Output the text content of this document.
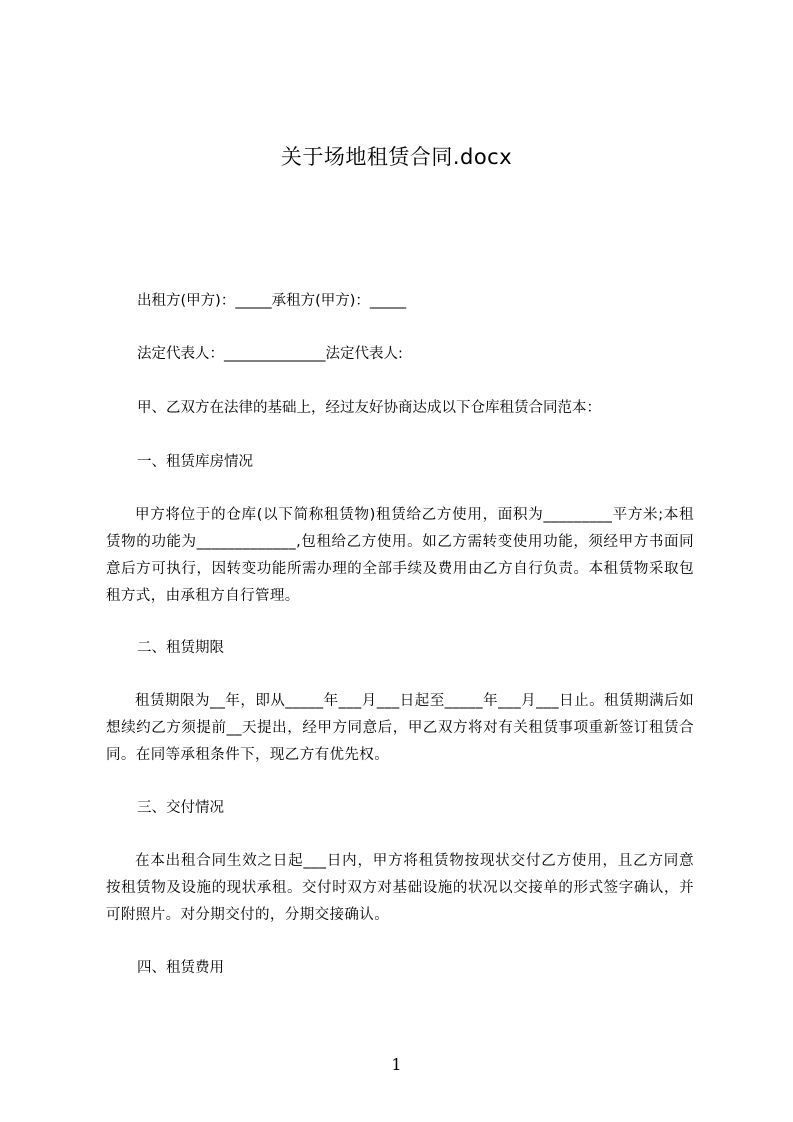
关于场地租赁合同.docx
出租方(甲方)：_____承租方(甲方)：_____
法定代表人：______________法定代表人:
甲、乙双方在法律的基础上，经过友好协商达成以下仓库租赁合同范本：
一、租赁库房情况
甲方将位于的仓库(以下简称租赁物)租赁给乙方使用，面积为_________平方米;本租赁物的功能为_____________,包租给乙方使用。如乙方需转变使用功能，须经甲方书面同意后方可执行，因转变功能所需办理的全部手续及费用由乙方自行负责。本租赁物采取包租方式，由承租方自行管理。
二、租赁期限
租赁期限为__年，即从_____年___月___日起至_____年___月___日止。租赁期满后如想续约乙方须提前__天提出，经甲方同意后，甲乙双方将对有关租赁事项重新签订租赁合同。在同等承租条件下，现乙方有优先权。
三、交付情况
在本出租合同生效之日起___日内，甲方将租赁物按现状交付乙方使用，且乙方同意按租赁物及设施的现状承租。交付时双方对基础设施的状况以交接单的形式签字确认，并可附照片。对分期交付的，分期交接确认。
四、租赁费用
1
